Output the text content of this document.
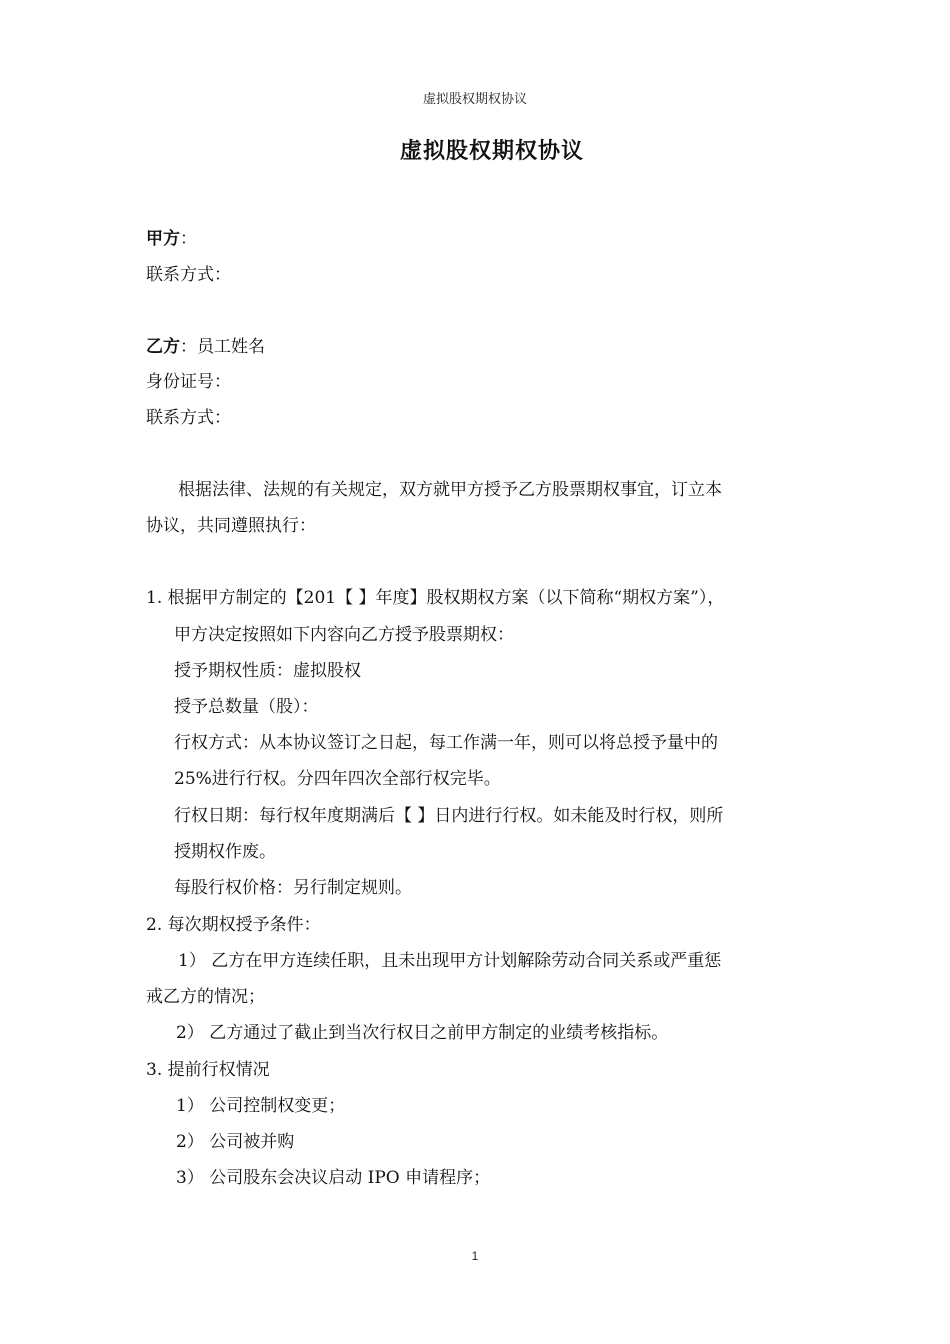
虚拟股权期权协议
虚拟股权期权协议
甲方：
联系方式：
乙方：员工姓名
身份证号：
联系方式：
根据法律、法规的有关规定，双方就甲方授予乙方股票期权事宜，订立本
协议，共同遵照执行：
1. 根据甲方制定的【201【 】年度】股权期权方案（以下简称“期权方案”），
甲方决定按照如下内容向乙方授予股票期权：
授予期权性质：虚拟股权
授予总数量（股）：
行权方式：从本协议签订之日起，每工作满一年，则可以将总授予量中的
25%进行行权。分四年四次全部行权完毕。
行权日期：每行权年度期满后【 】日内进行行权。如未能及时行权，则所
授期权作废。
每股行权价格：另行制定规则。
2. 每次期权授予条件：
1） 乙方在甲方连续任职，且未出现甲方计划解除劳动合同关系或严重惩
戒乙方的情况；
2） 乙方通过了截止到当次行权日之前甲方制定的业绩考核指标。
3. 提前行权情况
1） 公司控制权变更；
2） 公司被并购
3） 公司股东会决议启动 IPO 申请程序；
1
